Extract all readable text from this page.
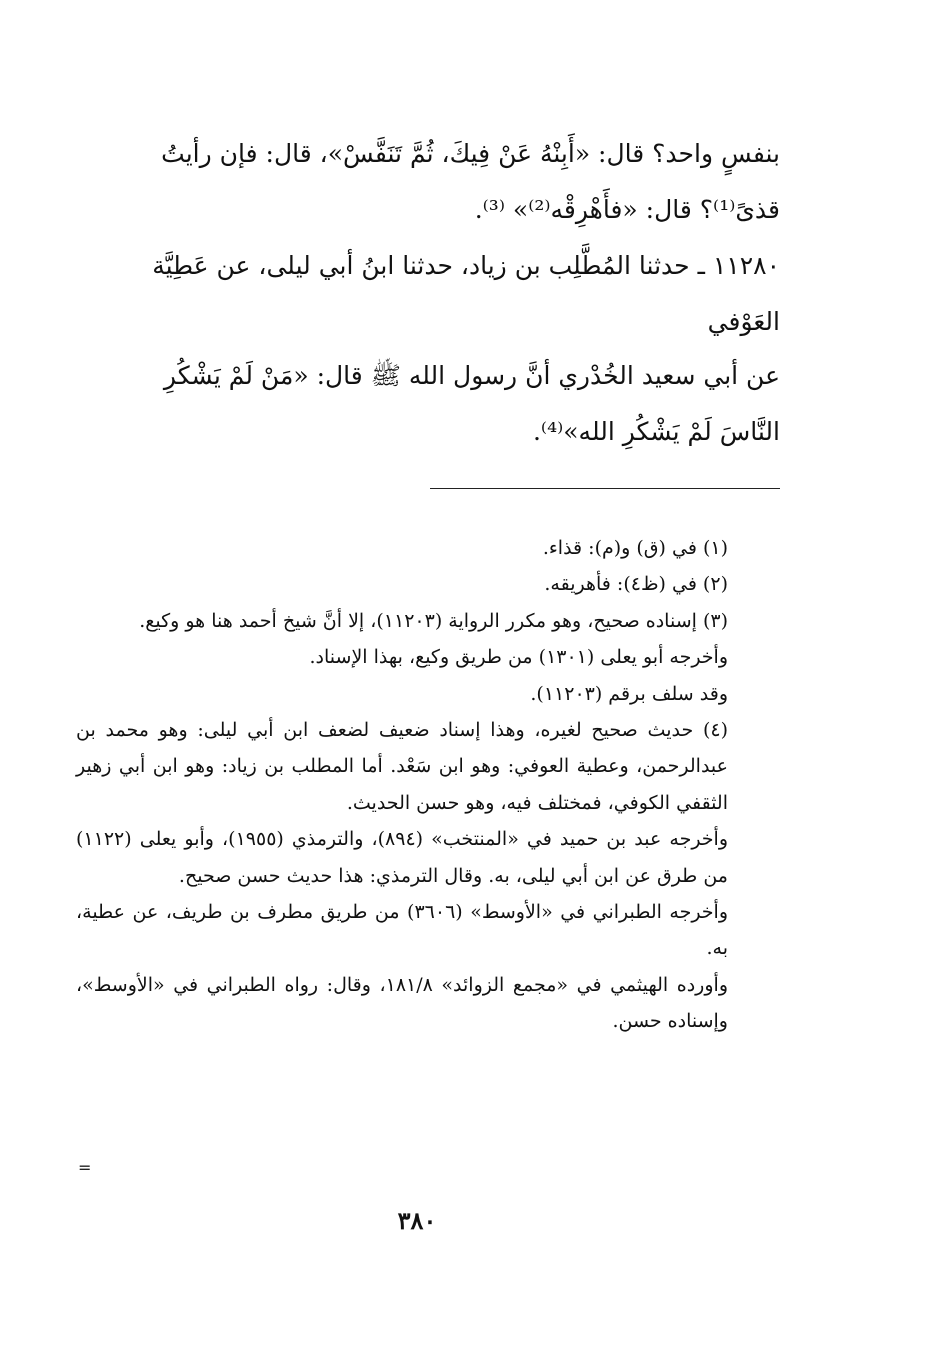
بنفسٍ واحد؟ قال: «أَبِنْهُ عَنْ فِيكَ، ثُمَّ تَنَفَّسْ»، قال: فإن رأيتُ

قذىً⁽¹⁾؟ قال: «فأَهْرِقْه⁽²⁾» ⁽³⁾.

١١٢٨٠ ـ حدثنا المُطَّلِب بن زياد، حدثنا ابنُ أبي ليلى، عن عَطِيَّة

العَوْفي

عن أبي سعيد الخُدْري أنَّ رسول الله ﷺ قال: «مَنْ لَمْ يَشْكُرِ

النَّاسَ لَمْ يَشْكُرِ الله»⁽⁴⁾.

(١) في (ق) و(م): قذاء.

(٢) في (ظ٤): فأهريقه.

(٣) إسناده صحيح، وهو مكرر الرواية (١١٢٠٣)، إلا أنَّ شيخ أحمد هنا هو وكيع.

وأخرجه أبو يعلى (١٣٠١) من طريق وكيع، بهذا الإسناد.

وقد سلف برقم (١١٢٠٣).

(٤) حديث صحيح لغيره، وهذا إسناد ضعيف لضعف ابن أبي ليلى: وهو محمد بن عبدالرحمن، وعطية العوفي: وهو ابن سَعْد. أما المطلب بن زياد: وهو ابن أبي زهير الثقفي الكوفي، فمختلف فيه، وهو حسن الحديث.

وأخرجه عبد بن حميد في «المنتخب» (٨٩٤)، والترمذي (١٩٥٥)، وأبو يعلى (١١٢٢) من طرق عن ابن أبي ليلى، به. وقال الترمذي: هذا حديث حسن صحيح.

وأخرجه الطبراني في «الأوسط» (٣٦٠٦) من طريق مطرف بن طريف، عن عطية، به.

وأورده الهيثمي في «مجمع الزوائد» ١٨١/٨، وقال: رواه الطبراني في «الأوسط»، وإسناده حسن.

=
٣٨٠
